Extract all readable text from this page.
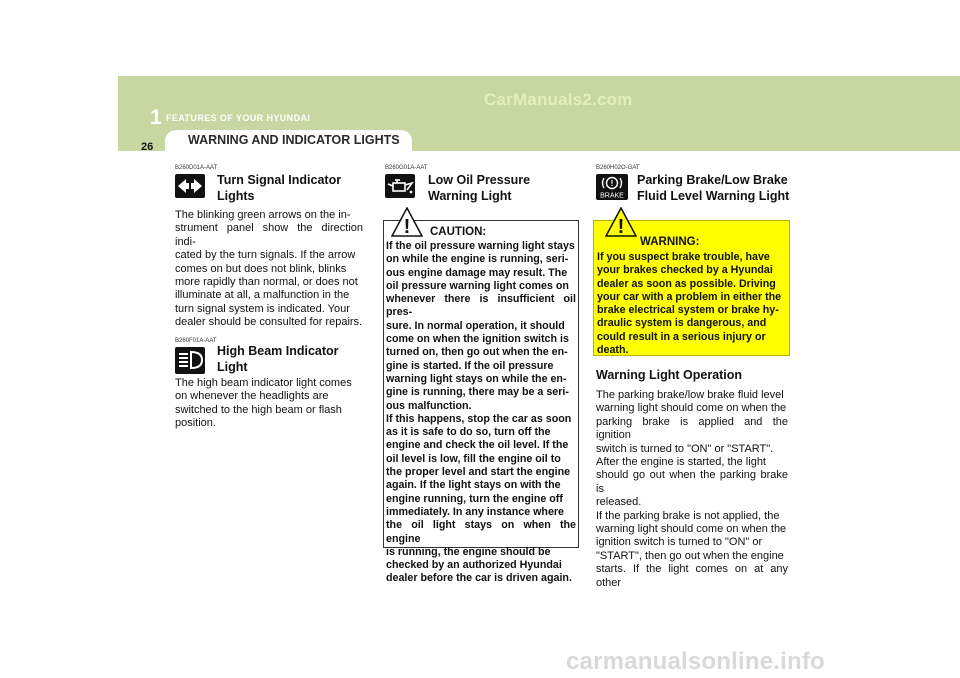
CarManuals2.com
1 FEATURES OF YOUR HYUNDAI
WARNING AND INDICATOR LIGHTS
26
B260D01A-AAT
Turn Signal Indicator
Lights
The blinking green arrows on the in-
strument panel show the direction indi-
cated by the turn signals. If the arrow
comes on but does not blink, blinks
more rapidly than normal, or does not
illuminate at all, a malfunction in the
turn signal system is indicated. Your
dealer should be consulted for repairs.
B260F01A-AAT
High Beam Indicator
Light
The high beam indicator light comes
on whenever the headlights are
switched to the high beam or flash
position.
B260G01A-AAT
Low Oil Pressure
Warning Light
! CAUTION:
If the oil pressure warning light stays
on while the engine is running, seri-
ous engine damage may result. The
oil pressure warning light comes on
whenever there is insufficient oil pres-
sure. In normal operation, it should
come on when the ignition switch is
turned on, then go out when the en-
gine is started. If the oil pressure
warning light stays on while the en-
gine is running, there may be a seri-
ous malfunction.
If this happens, stop the car as soon
as it is safe to do so, turn off the
engine and check the oil level. If the
oil level is low, fill the engine oil to
the proper level and start the engine
again. If the light stays on with the
engine running, turn the engine off
immediately. In any instance where
the oil light stays on when the engine
is running, the engine should be
checked by an authorized Hyundai
dealer before the car is driven again.
B260H02O-GAT
!
BRAKE
Parking Brake/Low Brake
Fluid Level Warning Light
!
WARNING:
If you suspect brake trouble, have
your brakes checked by a Hyundai
dealer as soon as possible. Driving
your car with a problem in either the
brake electrical system or brake hy-
draulic system is dangerous, and
could result in a serious injury or
death.
Warning Light Operation
The parking brake/low brake fluid level
warning light should come on when the
parking brake is applied and the ignition
switch is turned to "ON" or "START".
After the engine is started, the light
should go out when the parking brake is
released.
If the parking brake is not applied, the
warning light should come on when the
ignition switch is turned to "ON" or
"START", then go out when the engine
starts. If the light comes on at any other
carmanualsonline.info
